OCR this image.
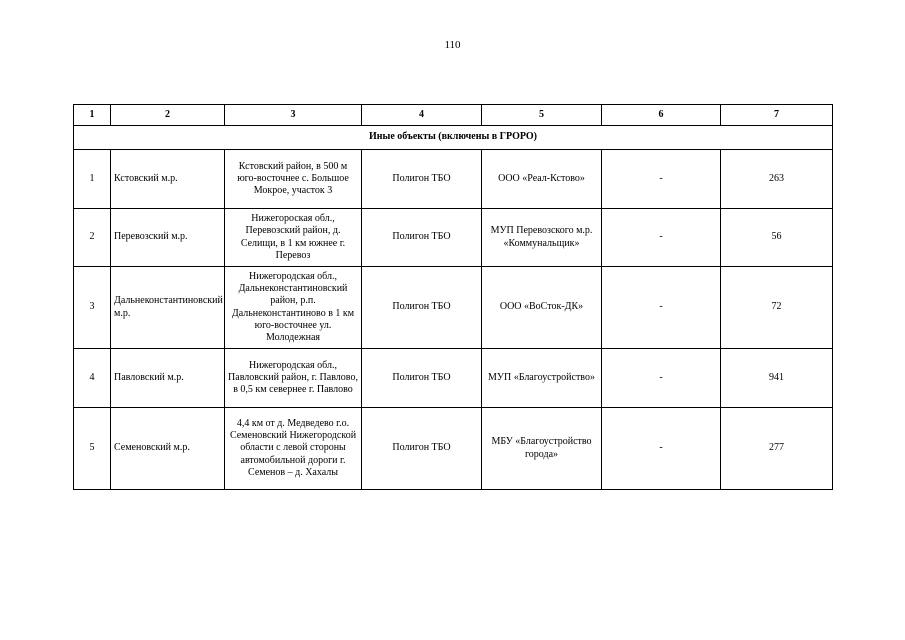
110
1	2	3	4	5	6	7
Иные объекты (включены в ГРОРО)						
1	Кстовский м.р.	Кстовский район, в 500 м юго-восточнее с. Большое Мокрое, участок 3	Полигон ТБО	ООО «Реал-Кстово»	-	263
2	Перевозский м.р.	Нижегороская обл., Перевозский район, д. Селищи, в 1 км южнее г. Перевоз	Полигон ТБО	МУП Перевозского м.р. «Коммунальщик»	-	56
3	Дальнеконстантиновский м.р.	Нижегородская обл., Дальнеконстантиновский район, р.п. Дальнеконстантиново в 1 км юго-восточнее ул. Молодежная	Полигон ТБО	ООО «ВоСток-ДК»	-	72
4	Павловский м.р.	Нижегородская обл., Павловский район, г. Павлово, в 0,5 км севернее г. Павлово	Полигон ТБО	МУП «Благоустройство»	-	941
5	Семеновский м.р.	4,4 км от д. Медведево г.о. Семеновский Нижегородской области с левой стороны автомобильной дороги г. Семенов – д. Хахалы	Полигон ТБО	МБУ «Благоустройство города»	-	277
